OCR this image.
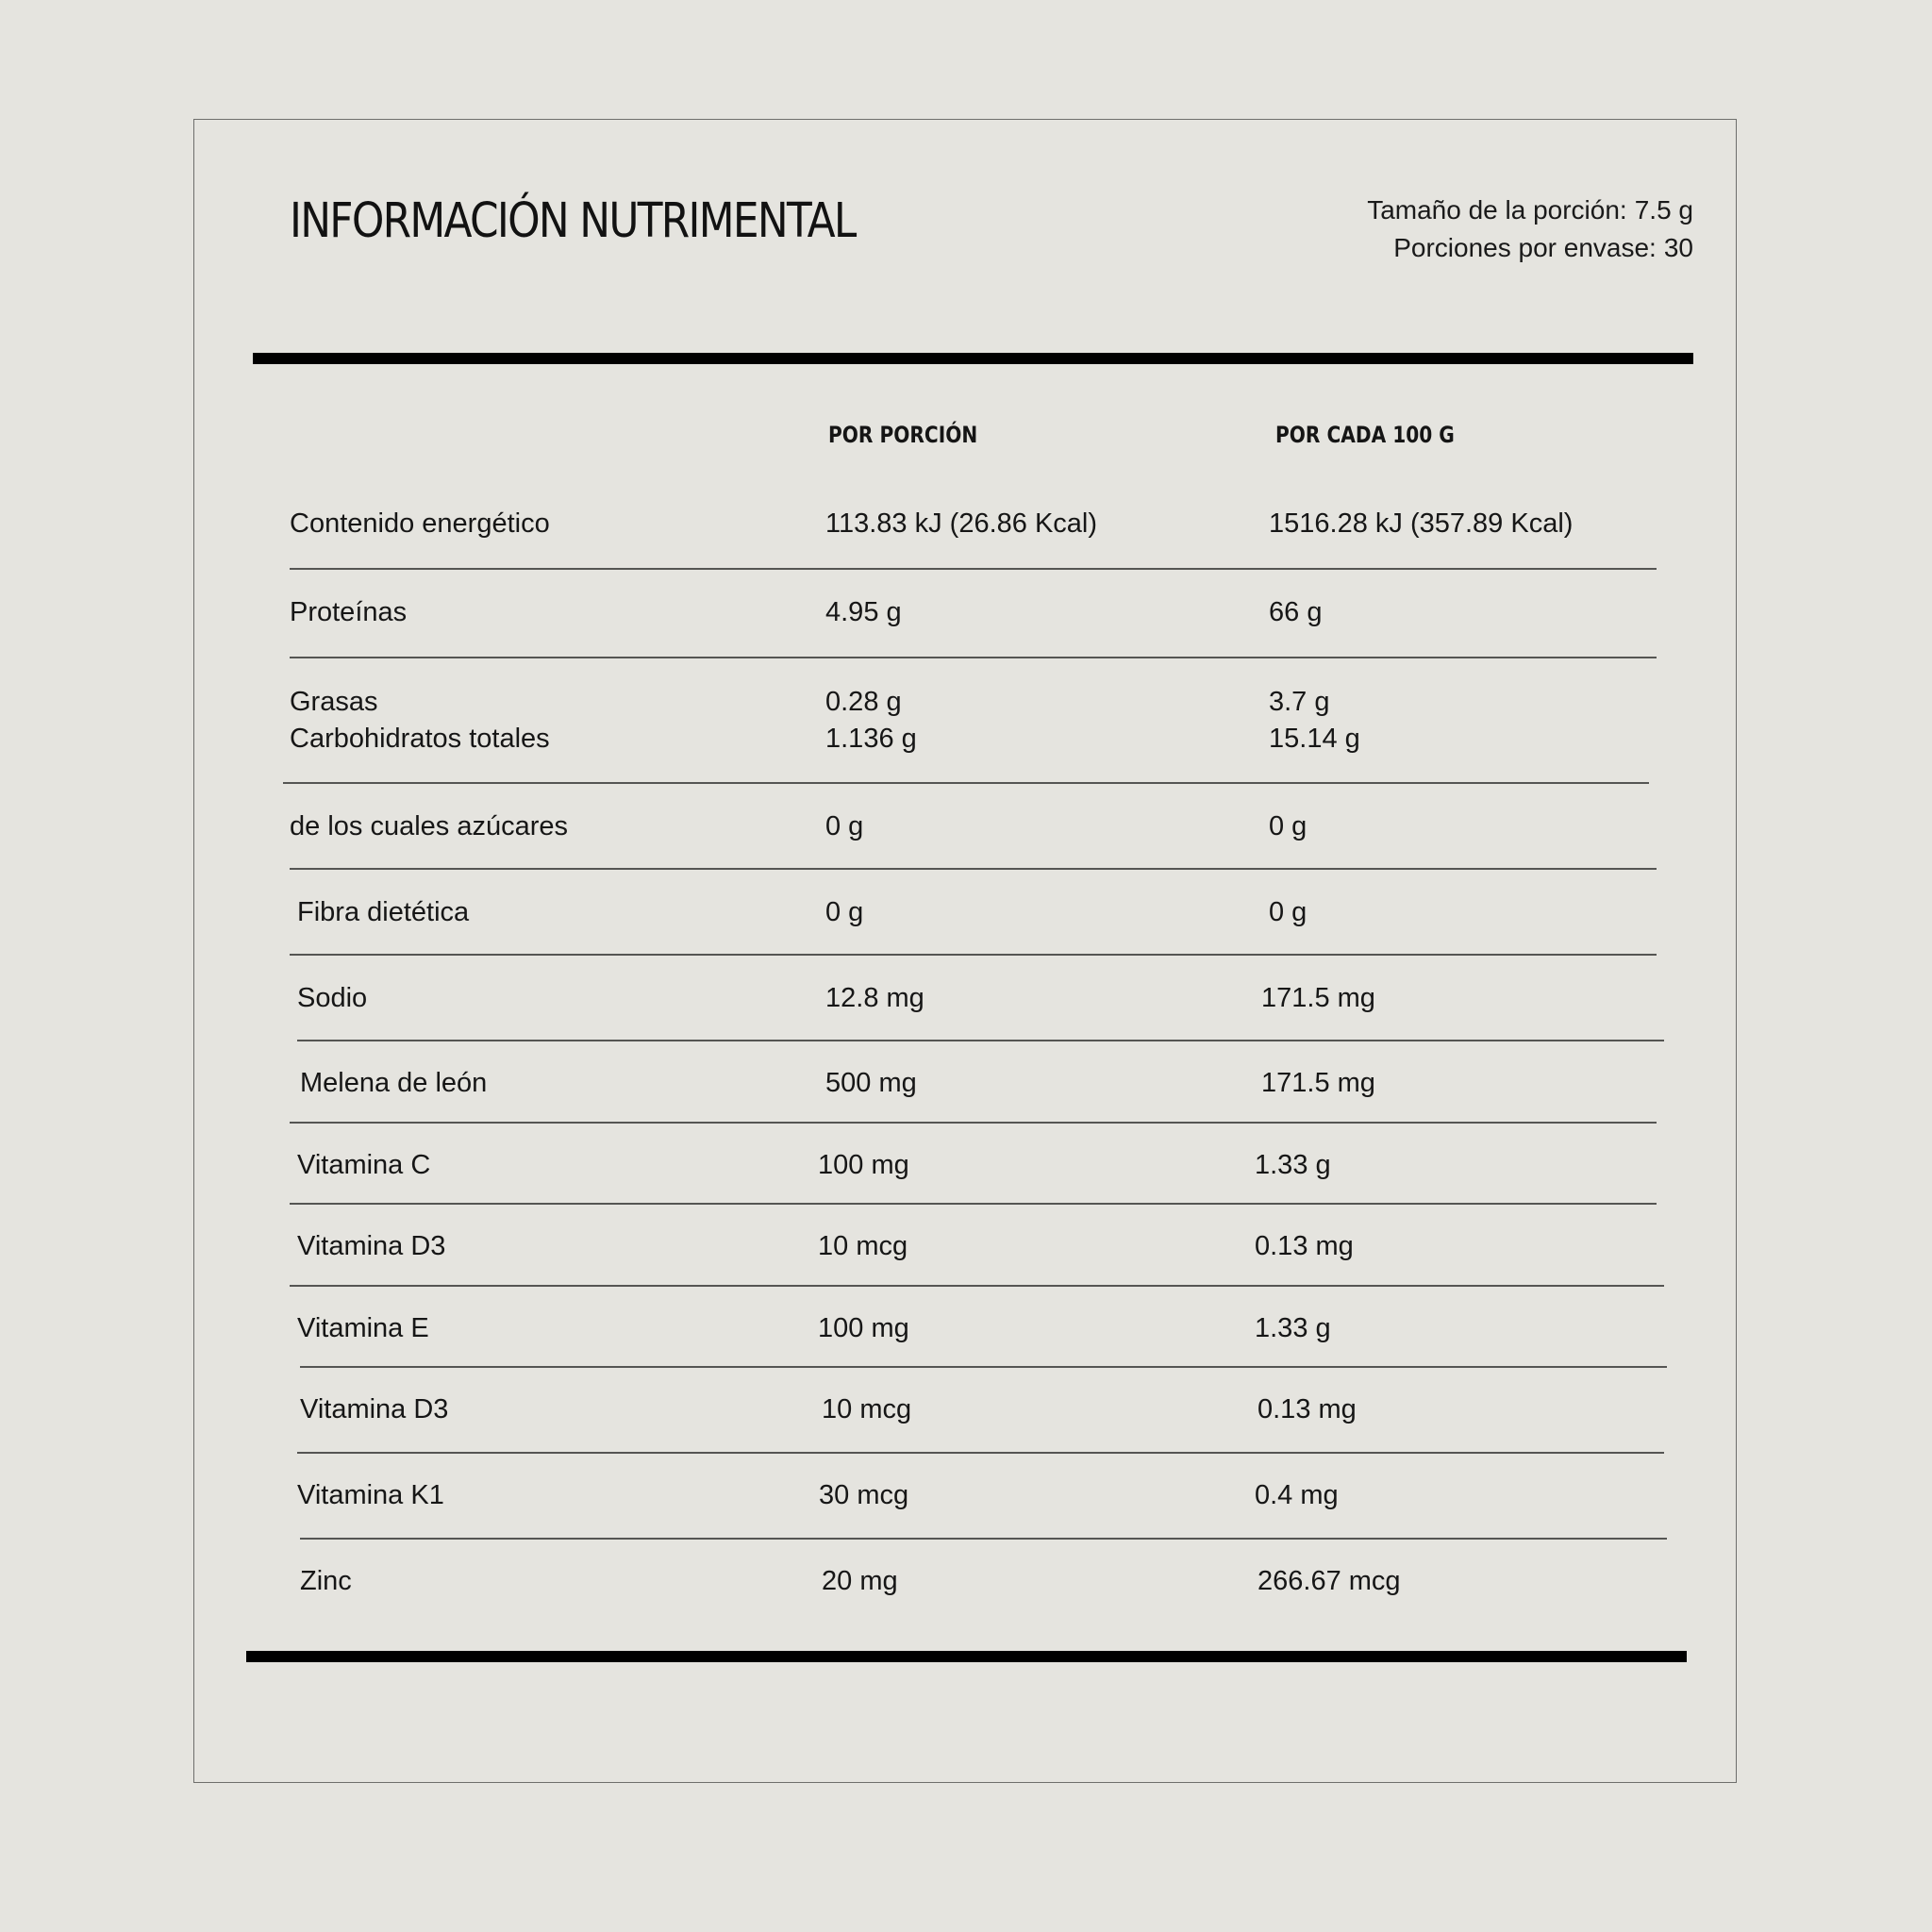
INFORMACIÓN NUTRIMENTAL	Tamaño de la porción: 7.5 g
Porciones por envase: 30
POR PORCIÓN	POR CADA 100 G
Contenido energético	113.83 kJ (26.86 Kcal)	1516.28 kJ (357.89 Kcal)
Proteínas	4.95 g	66 g
Grasas	0.28 g	3.7 g
Carbohidratos totales	1.136 g	15.14 g
de los cuales azúcares	0 g	0 g
Fibra dietética	0 g	0 g
Sodio	12.8 mg	171.5 mg
Melena de león	500 mg	171.5 mg
Vitamina C	100 mg	1.33 g
Vitamina D3	10 mcg	0.13 mg
Vitamina E	100 mg	1.33 g
Vitamina D3	10 mcg	0.13 mg
Vitamina K1	30 mcg	0.4 mg
Zinc	20 mg	266.67 mcg
